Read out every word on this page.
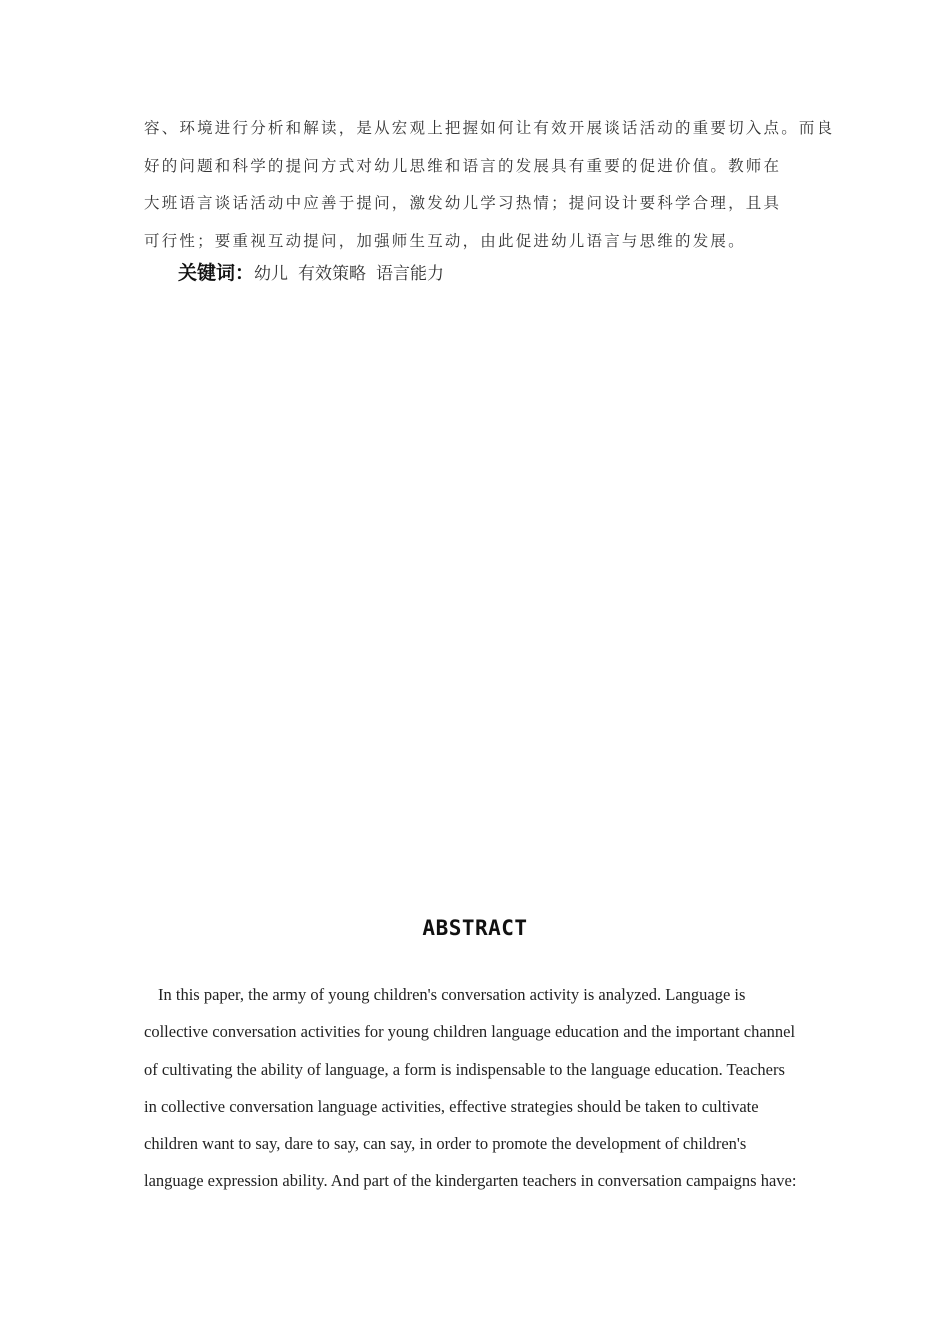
容、环境进行分析和解读，是从宏观上把握如何让有效开展谈话活动的重要切入点。而良
好的问题和科学的提问方式对幼儿思维和语言的发展具有重要的促进价值。教师在
大班语言谈话活动中应善于提问，激发幼儿学习热情；提问设计要科学合理，且具
可行性；要重视互动提问，加强师生互动，由此促进幼儿语言与思维的发展。

关键词： 幼儿 有效策略 语言能力
ABSTRACT

In this paper, the army of young children's conversation activity is analyzed. Language is
collective conversation activities for young children language education and the important channel
of cultivating the ability of language, a form is indispensable to the language education. Teachers
in collective conversation language activities, effective strategies should be taken to cultivate
children want to say, dare to say, can say, in order to promote the development of children's
language expression ability. And part of the kindergarten teachers in conversation campaigns have:
